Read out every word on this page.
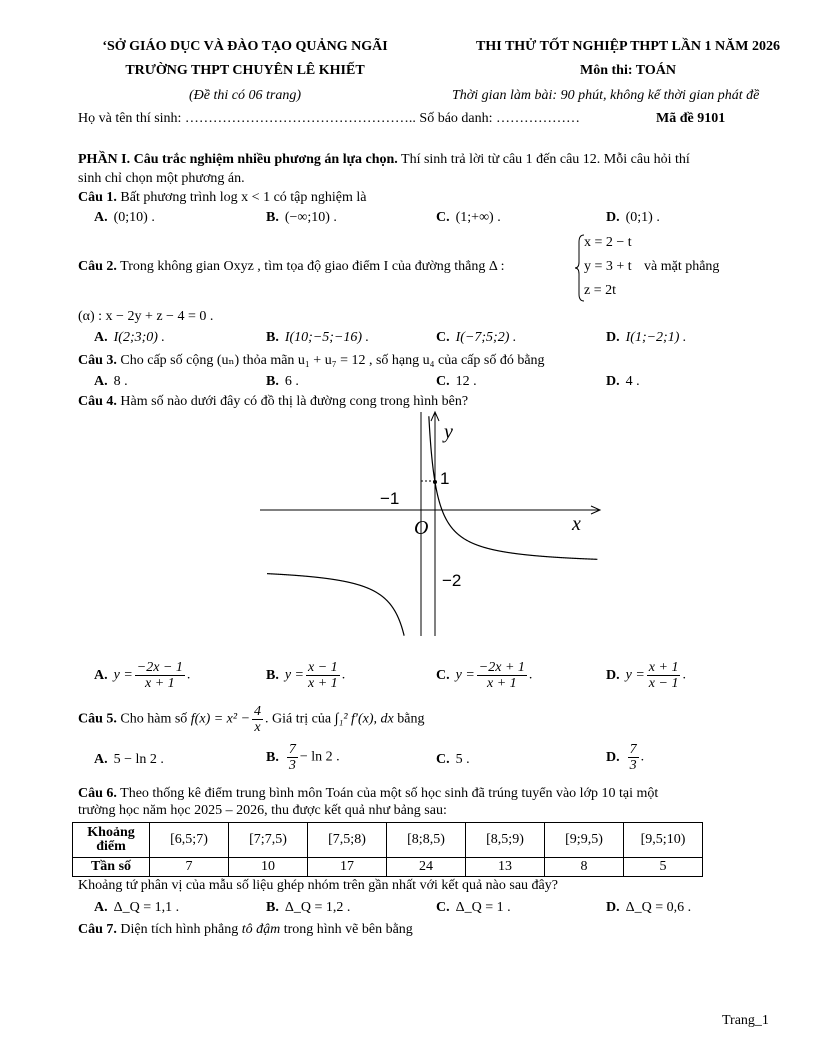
‘SỞ GIÁO DỤC VÀ ĐÀO TẠO QUẢNG NGÃI
TRƯỜNG THPT CHUYÊN LÊ KHIẾT
(Đề thi có 06 trang)
THI THỬ TỐT NGHIỆP THPT LẦN 1 NĂM 2026
Môn thi: TOÁN
Thời gian làm bài: 90 phút, không kể thời gian phát đề
Họ và tên thí sinh: ………………………………………….. Số báo danh: ………………	Mã đề 9101
PHẦN I. Câu trắc nghiệm nhiều phương án lựa chọn. Thí sinh trả lời từ câu 1 đến câu 12. Mỗi câu hỏi thí
sinh chỉ chọn một phương án.
Câu 1. Bất phương trình log x < 1 có tập nghiệm là
A. (0;10) .	B. (−∞;10) .	C. (1;+∞) .	D. (0;1) .
Câu 2. Trong không gian Oxyz , tìm tọa độ giao điểm I của đường thẳng Δ :
x = 2 − t
y = 3 + t
z = 2t
và mặt phẳng
(α) : x − 2y + z − 4 = 0 .
A. I(2;3;0) .	B. I(10;−5;−16) .	C. I(−7;5;2) .	D. I(1;−2;1) .
Câu 3. Cho cấp số cộng (uₙ) thỏa mãn u₁ + u₇ = 12 , số hạng u₄ của cấp số đó bằng
A. 8 .	B. 6 .	C. 12 .	D. 4 .
Câu 4. Hàm số nào dưới đây có đồ thị là đường cong trong hình bên?
y
x
O
1
−1
−2
A. $y = \frac{-2x - 1}{x + 1}$ .	B. $y = \frac{x - 1}{x + 1}$ .	C. $y = \frac{-2x + 1}{x + 1}$ .	D. $y = \frac{x + 1}{x - 1}$ .
Câu 5. Cho hàm số $f(x) = x^2 - \frac{4}{x}$ . Giá trị của ∫₁² f′(x), dx bằng
A. 5 − ln 2 .	B. $\frac{7}{3} - \ln 2$ .	C. 5 .	D. $\frac{7}{3}$ .
Câu 6. Theo thống kê điểm trung bình môn Toán của một số học sinh đã trúng tuyển vào lớp 10 tại một
trường học năm học 2025 – 2026, thu được kết quả như bảng sau:
Khoảng điểm	[6,5;7)	[7;7,5)	[7,5;8)	[8;8,5)	[8,5;9)	[9;9,5)	[9,5;10)
Tần số	7	10	17	24	13	8	5
Khoảng tứ phân vị của mẫu số liệu ghép nhóm trên gần nhất với kết quả nào sau đây?
A. Δ_Q = 1,1 .	B. Δ_Q = 1,2 .	C. Δ_Q = 1 .	D. Δ_Q = 0,6 .
Câu 7. Diện tích hình phẳng tô đậm trong hình vẽ bên bằng
Trang_1
